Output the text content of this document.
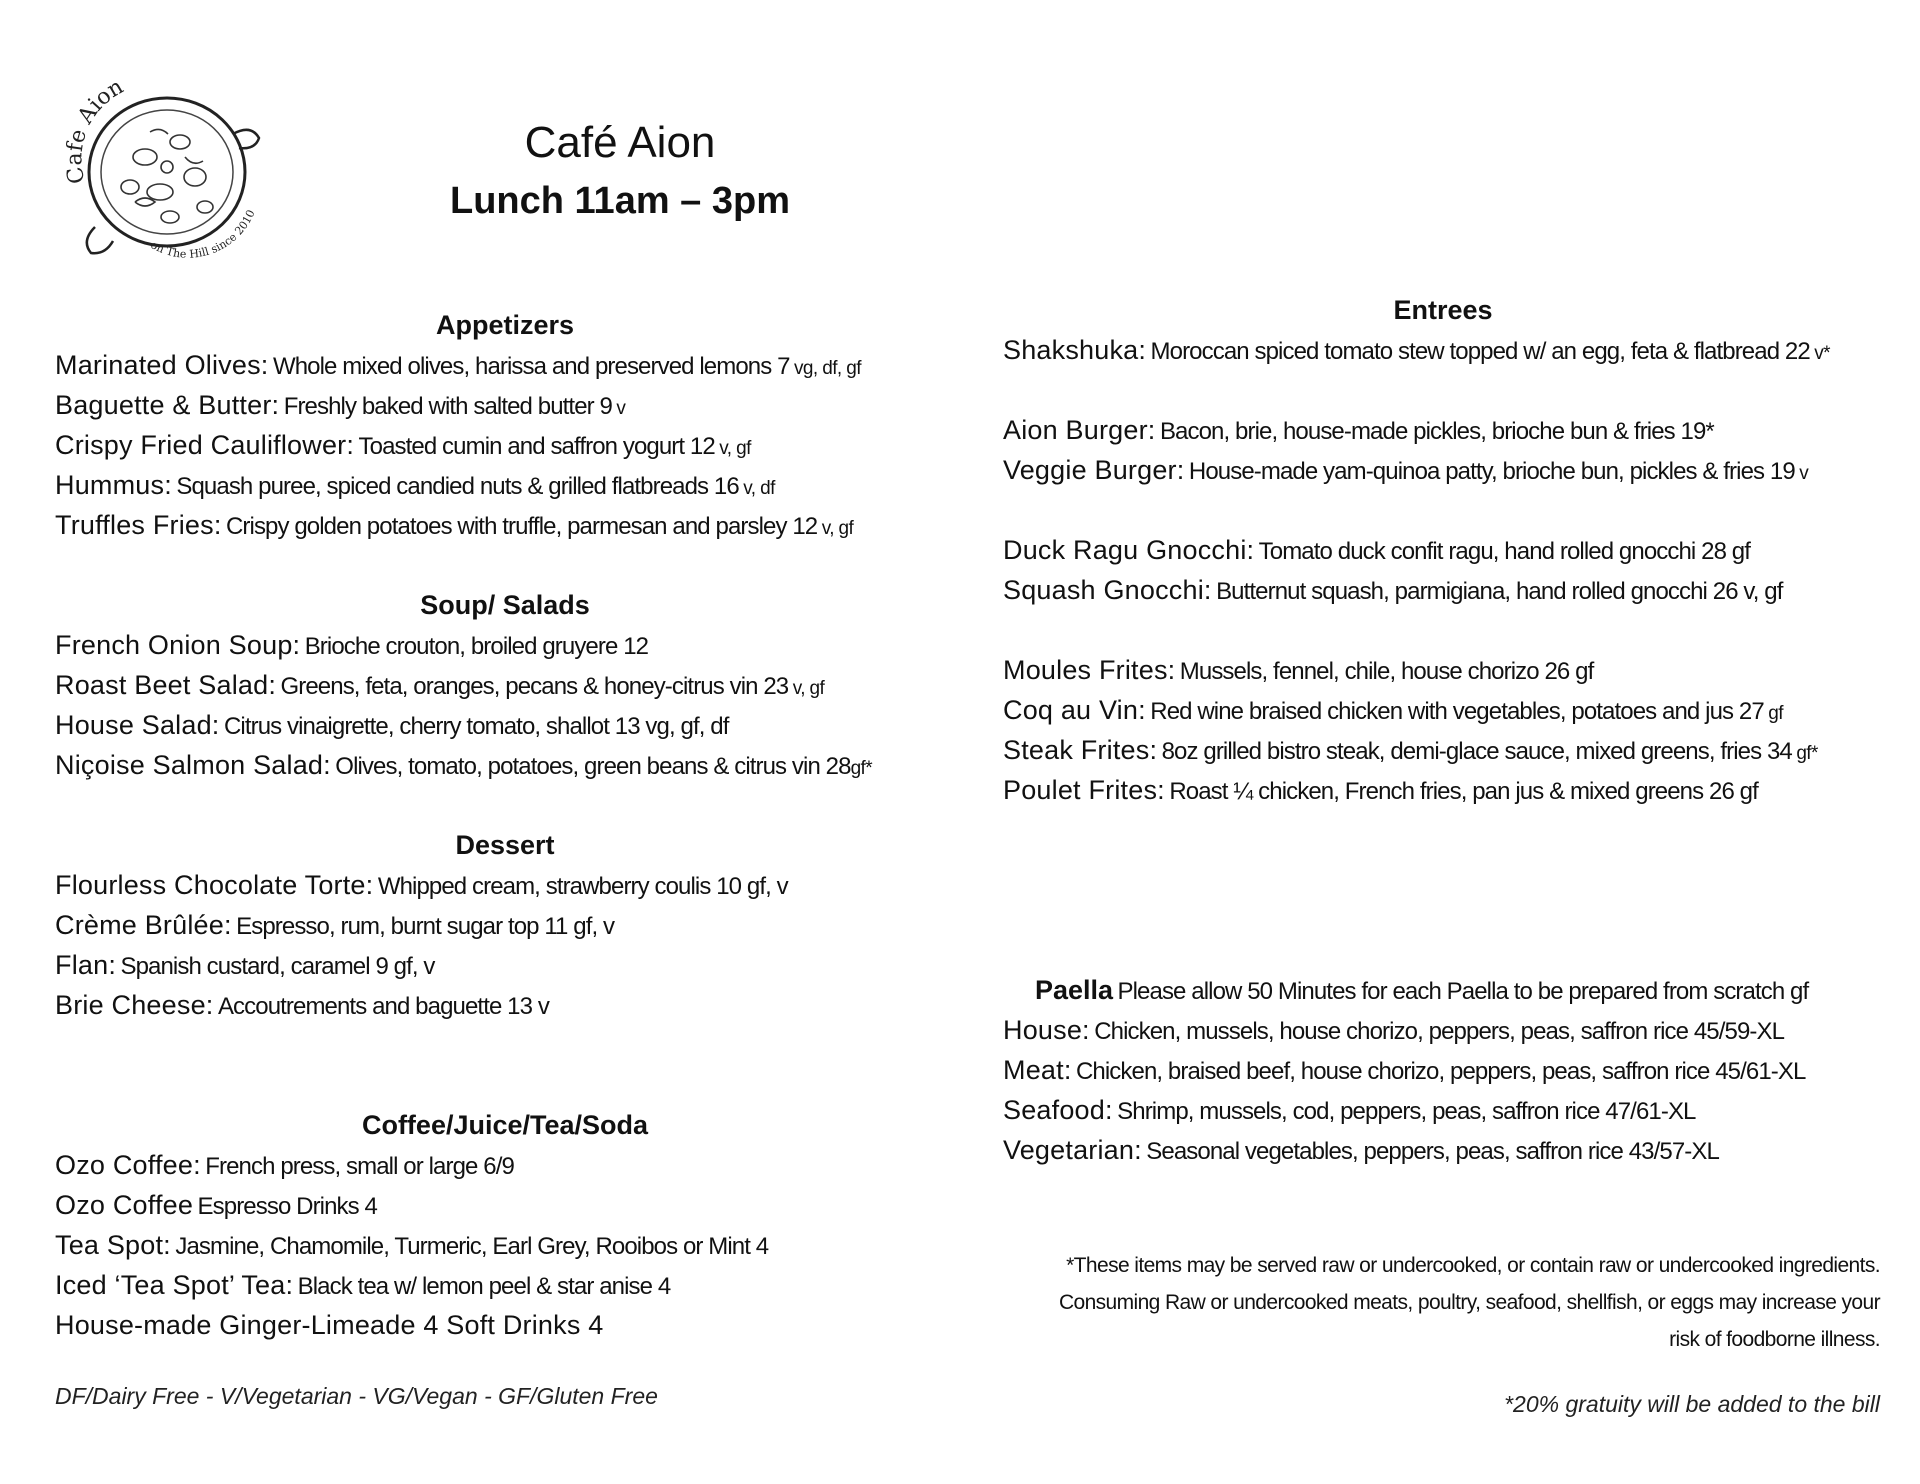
Cafe Aion
on The Hill since 2010
Café Aion
Lunch 11am – 3pm
Appetizers
Marinated Olives: Whole mixed olives, harissa and preserved lemons 7 vg, df, gf
Baguette & Butter: Freshly baked with salted butter 9 v
Crispy Fried Cauliflower: Toasted cumin and saffron yogurt 12 v, gf
Hummus: Squash puree, spiced candied nuts & grilled flatbreads 16 v, df
Truffles Fries: Crispy golden potatoes with truffle, parmesan and parsley 12 v, gf
Soup/ Salads
French Onion Soup: Brioche crouton, broiled gruyere 12
Roast Beet Salad: Greens, feta, oranges, pecans & honey-citrus vin 23 v, gf
House Salad: Citrus vinaigrette, cherry tomato, shallot 13 vg, gf, df
Niçoise Salmon Salad: Olives, tomato, potatoes, green beans & citrus vin 28gf*
Dessert
Flourless Chocolate Torte: Whipped cream, strawberry coulis 10 gf, v
Crème Brûlée: Espresso, rum, burnt sugar top 11 gf, v
Flan: Spanish custard, caramel 9 gf, v
Brie Cheese: Accoutrements and baguette 13 v
Coffee/Juice/Tea/Soda
Ozo Coffee: French press, small or large 6/9
Ozo Coffee Espresso Drinks 4
Tea Spot: Jasmine, Chamomile, Turmeric, Earl Grey, Rooibos or Mint 4
Iced ‘Tea Spot’ Tea: Black tea w/ lemon peel & star anise 4
House-made Ginger-Limeade 4 Soft Drinks 4
Entrees
Shakshuka: Moroccan spiced tomato stew topped w/ an egg, feta & flatbread 22 v*
Aion Burger: Bacon, brie, house-made pickles, brioche bun & fries 19*
Veggie Burger: House-made yam-quinoa patty, brioche bun, pickles & fries 19 v
Duck Ragu Gnocchi: Tomato duck confit ragu, hand rolled gnocchi 28 gf
Squash Gnocchi: Butternut squash, parmigiana, hand rolled gnocchi 26 v, gf
Moules Frites: Mussels, fennel, chile, house chorizo 26 gf
Coq au Vin: Red wine braised chicken with vegetables, potatoes and jus 27 gf
Steak Frites: 8oz grilled bistro steak, demi-glace sauce, mixed greens, fries 34 gf*
Poulet Frites: Roast ¼ chicken, French fries, pan jus & mixed greens 26 gf
Paella Please allow 50 Minutes for each Paella to be prepared from scratch gf
House: Chicken, mussels, house chorizo, peppers, peas, saffron rice 45/59-XL
Meat: Chicken, braised beef, house chorizo, peppers, peas, saffron rice 45/61-XL
Seafood: Shrimp, mussels, cod, peppers, peas, saffron rice 47/61-XL
Vegetarian: Seasonal vegetables, peppers, peas, saffron rice 43/57-XL
DF/Dairy Free - V/Vegetarian - VG/Vegan - GF/Gluten Free
*These items may be served raw or undercooked, or contain raw or undercooked ingredients.
Consuming Raw or undercooked meats, poultry, seafood, shellfish, or eggs may increase your
risk of foodborne illness.
*20% gratuity will be added to the bill
